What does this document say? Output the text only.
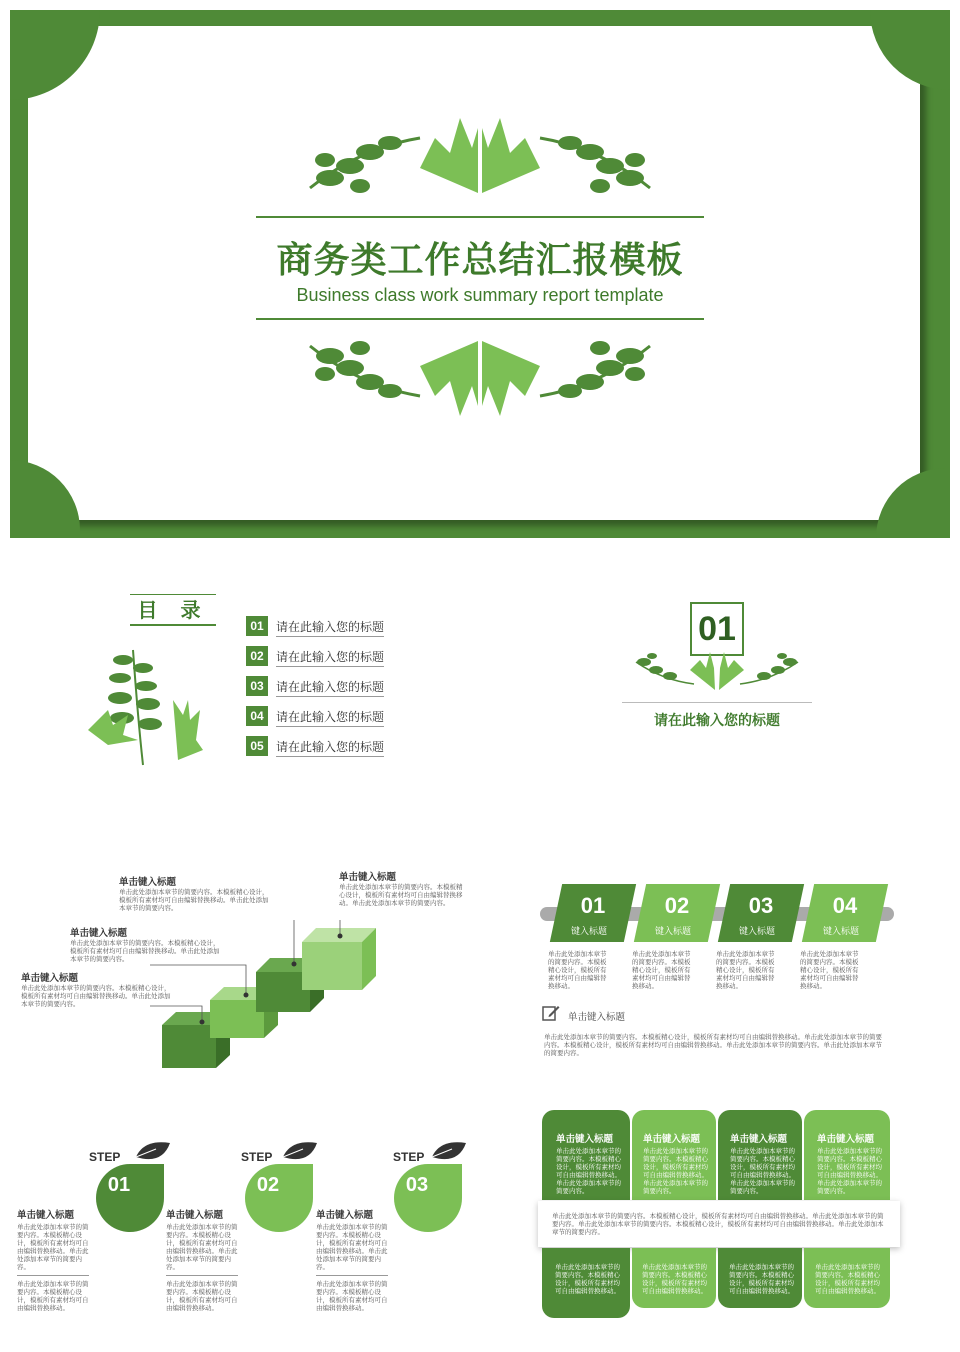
商务类工作总结汇报模板
Business class work summary report template
目 录
01	请在此输入您的标题
02	请在此输入您的标题
03	请在此输入您的标题
04	请在此输入您的标题
05	请在此输入您的标题
01
请在此输入您的标题
单击键入标题
单击此处添加本章节的简要内容。本模板精心设计，模板所有素材均可自由编辑替换移动。单击此处添加本章节的简要内容。
单击键入标题
单击此处添加本章节的简要内容。本模板精心设计，模板所有素材均可自由编辑替换移动。单击此处添加本章节的简要内容。
单击键入标题
单击此处添加本章节的简要内容。本模板精心设计，模板所有素材均可自由编辑替换移动。单击此处添加本章节的简要内容。
单击键入标题
单击此处添加本章节的简要内容。本模板精心设计，模板所有素材均可自由编辑替换移动。单击此处添加本章节的简要内容。	01
键入标题
02
键入标题
03
键入标题
04
键入标题
单击此处添加本章节的简要内容。本模板精心设计，模板所有素材均可自由编辑替换移动。
单击此处添加本章节的简要内容。本模板精心设计，模板所有素材均可自由编辑替换移动。
单击此处添加本章节的简要内容。本模板精心设计，模板所有素材均可自由编辑替换移动。
单击此处添加本章节的简要内容。本模板精心设计，模板所有素材均可自由编辑替换移动。
单击键入标题
单击此处添加本章节的简要内容。本模板精心设计，模板所有素材均可自由编辑替换移动。单击此处添加本章节的简要内容。本模板精心设计，模板所有素材均可自由编辑替换移动。单击此处添加本章节的简要内容。单击此处添加本章节的简要内容。
STEP
01
单击键入标题
单击此处添加本章节的简要内容。本模板精心设计，模板所有素材均可自由编辑替换移动。单击此处添加本章节的简要内容。
单击此处添加本章节的简要内容。本模板精心设计，模板所有素材均可自由编辑替换移动。
STEP
02
单击键入标题
单击此处添加本章节的简要内容。本模板精心设计，模板所有素材均可自由编辑替换移动。单击此处添加本章节的简要内容。
单击此处添加本章节的简要内容。本模板精心设计，模板所有素材均可自由编辑替换移动。
STEP
03
单击键入标题
单击此处添加本章节的简要内容。本模板精心设计，模板所有素材均可自由编辑替换移动。单击此处添加本章节的简要内容。
单击此处添加本章节的简要内容。本模板精心设计，模板所有素材均可自由编辑替换移动。
单击键入标题
单击此处添加本章节的简要内容。本模板精心设计，模板所有素材均可自由编辑替换移动。单击此处添加本章节的简要内容。
单击键入标题
单击此处添加本章节的简要内容。本模板精心设计，模板所有素材均可自由编辑替换移动。单击此处添加本章节的简要内容。
单击键入标题
单击此处添加本章节的简要内容。本模板精心设计，模板所有素材均可自由编辑替换移动。单击此处添加本章节的简要内容。
单击键入标题
单击此处添加本章节的简要内容。本模板精心设计，模板所有素材均可自由编辑替换移动。单击此处添加本章节的简要内容。
单击此处添加本章节的简要内容。本模板精心设计，模板所有素材均可自由编辑替换移动。单击此处添加本章节的简要内容。单击此处添加本章节的简要内容。本模板精心设计，模板所有素材均可自由编辑替换移动。单击此处添加本章节的简要内容。
单击此处添加本章节的简要内容。本模板精心设计，模板所有素材均可自由编辑替换移动。
单击此处添加本章节的简要内容。本模板精心设计，模板所有素材均可自由编辑替换移动。
单击此处添加本章节的简要内容。本模板精心设计，模板所有素材均可自由编辑替换移动。
单击此处添加本章节的简要内容。本模板精心设计，模板所有素材均可自由编辑替换移动。
